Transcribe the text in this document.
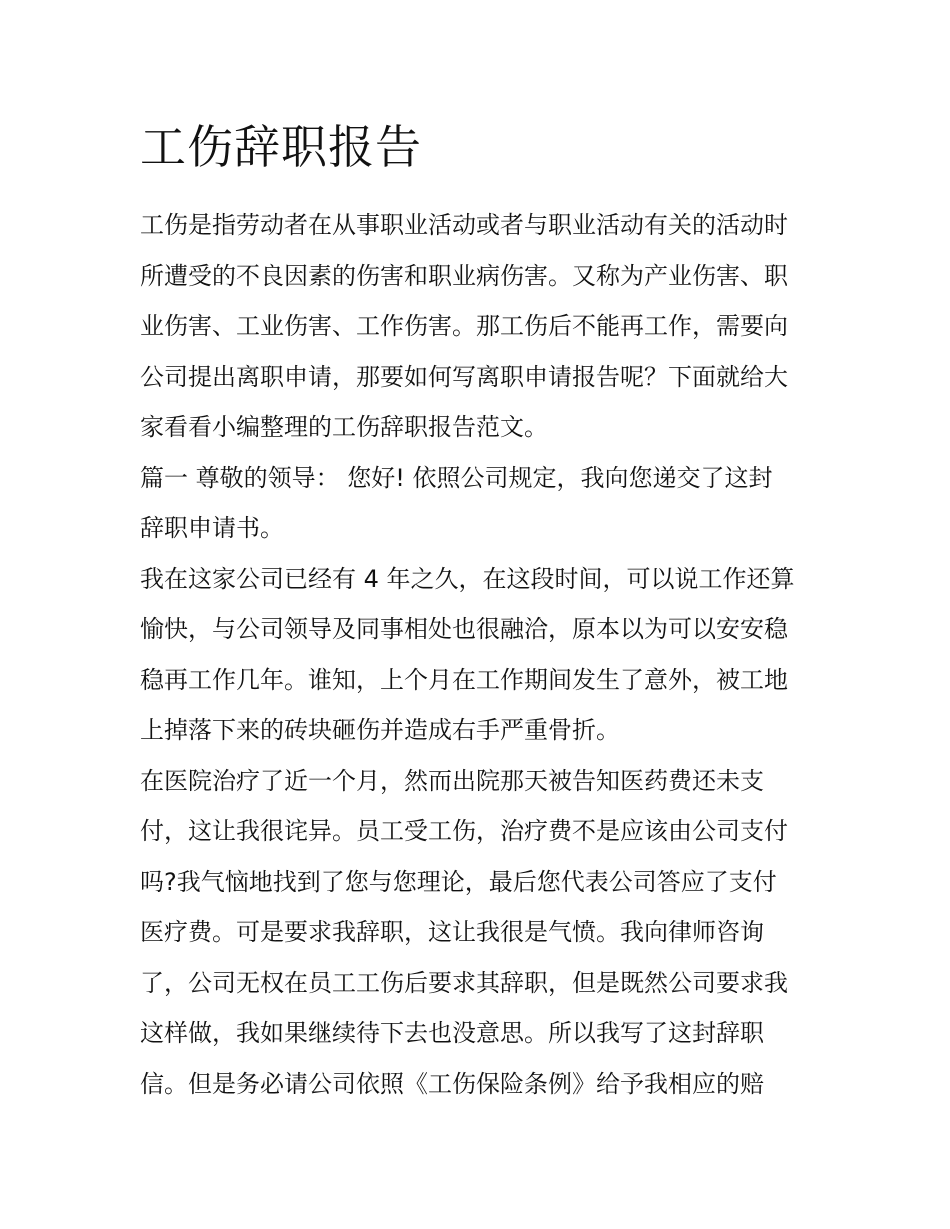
工伤辞职报告
工伤是指劳动者在从事职业活动或者与职业活动有关的活动时
所遭受的不良因素的伤害和职业病伤害。又称为产业伤害、职
业伤害、工业伤害、工作伤害。那工伤后不能再工作，需要向
公司提出离职申请，那要如何写离职申请报告呢？下面就给大
家看看小编整理的工伤辞职报告范文。
篇一 尊敬的领导： 您好! 依照公司规定，我向您递交了这封
辞职申请书。
我在这家公司已经有 4 年之久，在这段时间，可以说工作还算
愉快，与公司领导及同事相处也很融洽，原本以为可以安安稳
稳再工作几年。谁知，上个月在工作期间发生了意外，被工地
上掉落下来的砖块砸伤并造成右手严重骨折。
在医院治疗了近一个月，然而出院那天被告知医药费还未支
付，这让我很诧异。员工受工伤，治疗费不是应该由公司支付
吗?我气恼地找到了您与您理论，最后您代表公司答应了支付
医疗费。可是要求我辞职，这让我很是气愤。我向律师咨询
了，公司无权在员工工伤后要求其辞职，但是既然公司要求我
这样做，我如果继续待下去也没意思。所以我写了这封辞职
信。但是务必请公司依照《工伤保险条例》给予我相应的赔
